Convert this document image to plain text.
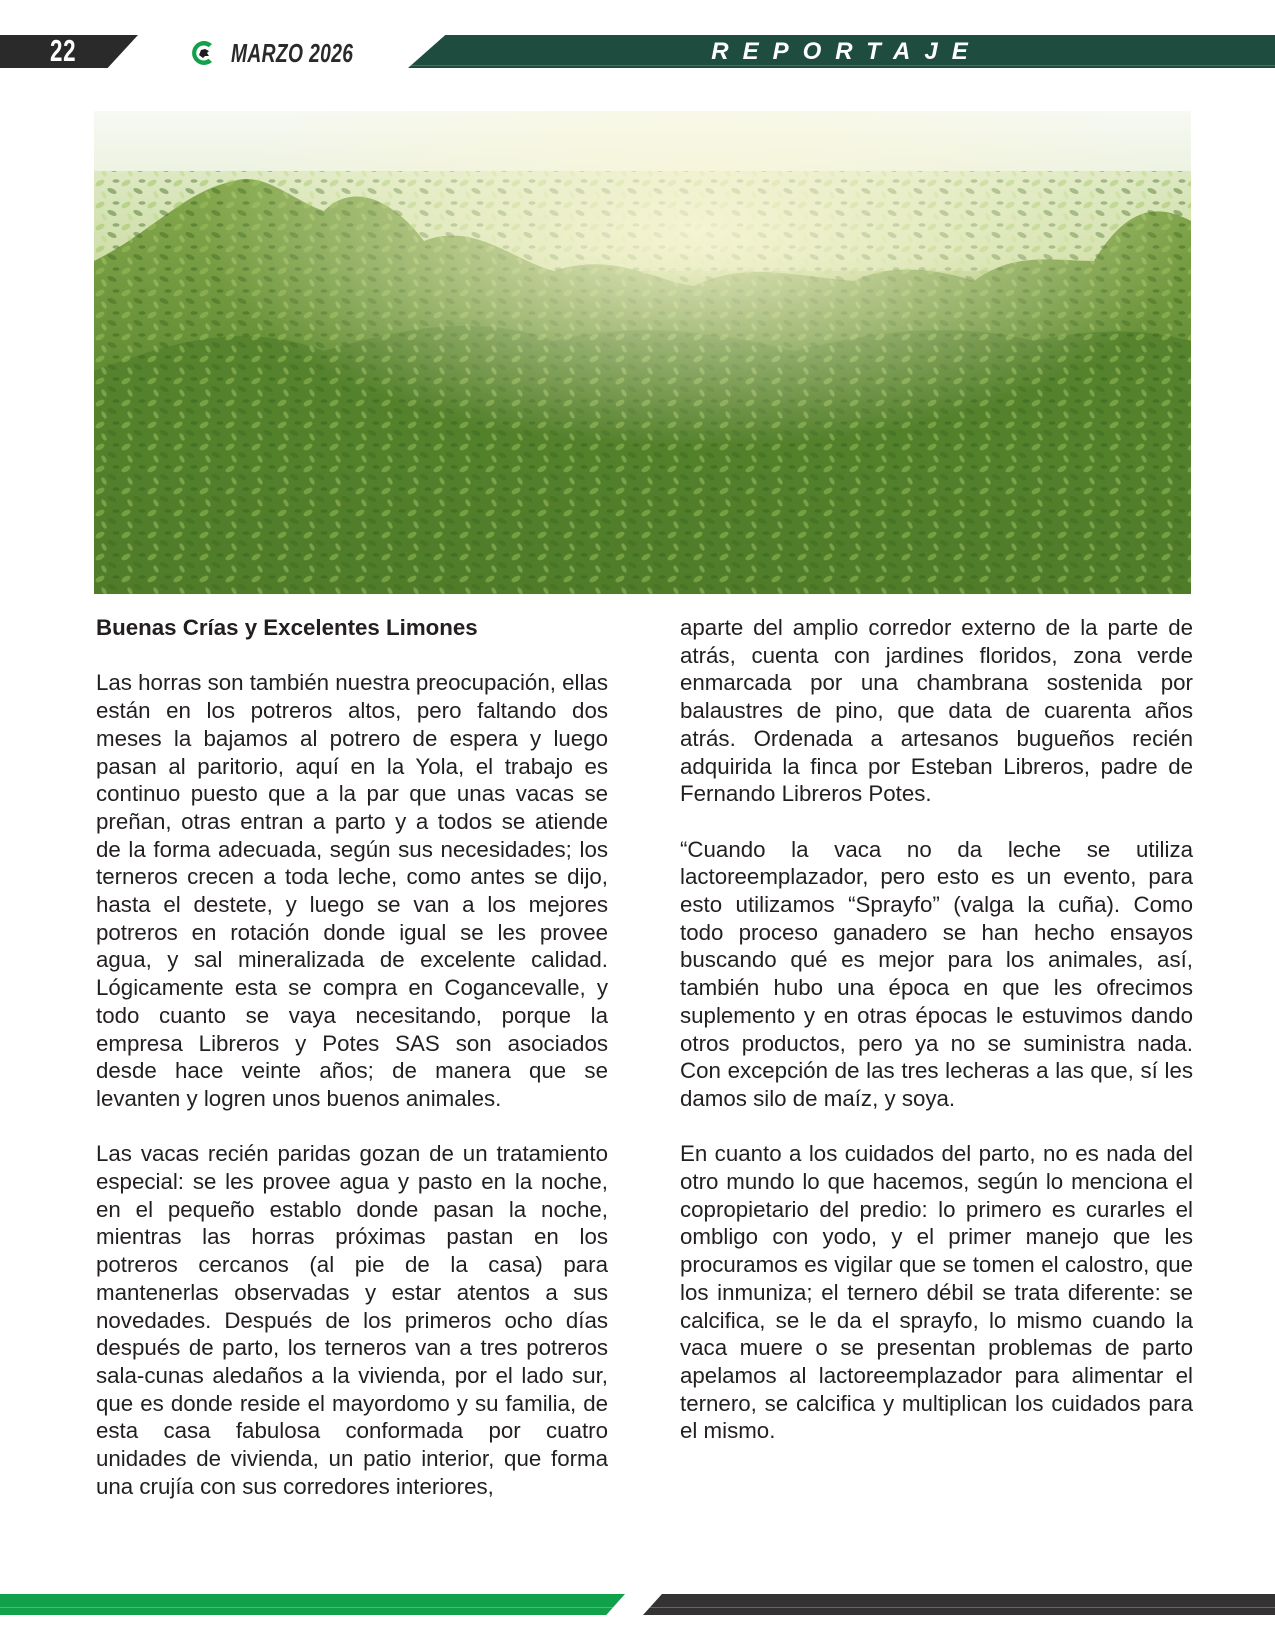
22	MARZO 2026	REPORTAJE
Buenas Crías y Excelentes Limones

Las horras son también nuestra preocupación, ellas están en los potreros altos, pero faltando dos meses la bajamos al potrero de espera y luego pasan al paritorio, aquí en la Yola, el trabajo es continuo puesto que a la par que unas vacas se preñan, otras entran a parto y a todos se atiende de la forma adecuada, según sus necesidades; los terneros crecen a toda leche, como antes se dijo, hasta el destete, y luego se van a los mejores potreros en rotación donde igual se les provee agua, y sal mineralizada de excelente calidad. Lógicamente esta se compra en Cogancevalle, y todo cuanto se vaya necesitando, porque la empresa Libreros y Potes SAS son asociados desde hace veinte años; de manera que se levanten y logren unos buenos animales.

Las vacas recién paridas gozan de un tratamiento especial: se les provee agua y pasto en la noche, en el pequeño establo donde pasan la noche, mientras las horras próximas pastan en los potreros cercanos (al pie de la casa) para mantenerlas observadas y estar atentos a sus novedades. Después de los primeros ocho días después de parto, los terneros van a tres potreros sala-cunas aledaños a la vivienda, por el lado sur, que es donde reside el mayordomo y su familia, de esta casa fabulosa conformada por cuatro unidades de vivienda, un patio interior, que forma una crujía con sus corredores interiores,

aparte del amplio corredor externo de la parte de atrás, cuenta con jardines floridos, zona verde enmarcada por una chambrana sostenida por balaustres de pino, que data de cuarenta años atrás. Ordenada a artesanos bugueños recién adquirida la finca por Esteban Libreros, padre de Fernando Libreros Potes.

“Cuando la vaca no da leche se utiliza lactoreemplazador, pero esto es un evento, para esto utilizamos “Sprayfo” (valga la cuña). Como todo proceso ganadero se han hecho ensayos buscando qué es mejor para los animales, así, también hubo una época en que les ofrecimos suplemento y en otras épocas le estuvimos dando otros productos, pero ya no se suministra nada. Con excepción de las tres lecheras a las que, sí les damos silo de maíz, y soya.

En cuanto a los cuidados del parto, no es nada del otro mundo lo que hacemos, según lo menciona el copropietario del predio: lo primero es curarles el ombligo con yodo, y el primer manejo que les procuramos es vigilar que se tomen el calostro, que los inmuniza; el ternero débil se trata diferente: se calcifica, se le da el sprayfo, lo mismo cuando la vaca muere o se presentan problemas de parto apelamos al lactoreemplazador para alimentar el ternero, se calcifica y multiplican los cuidados para el mismo.
